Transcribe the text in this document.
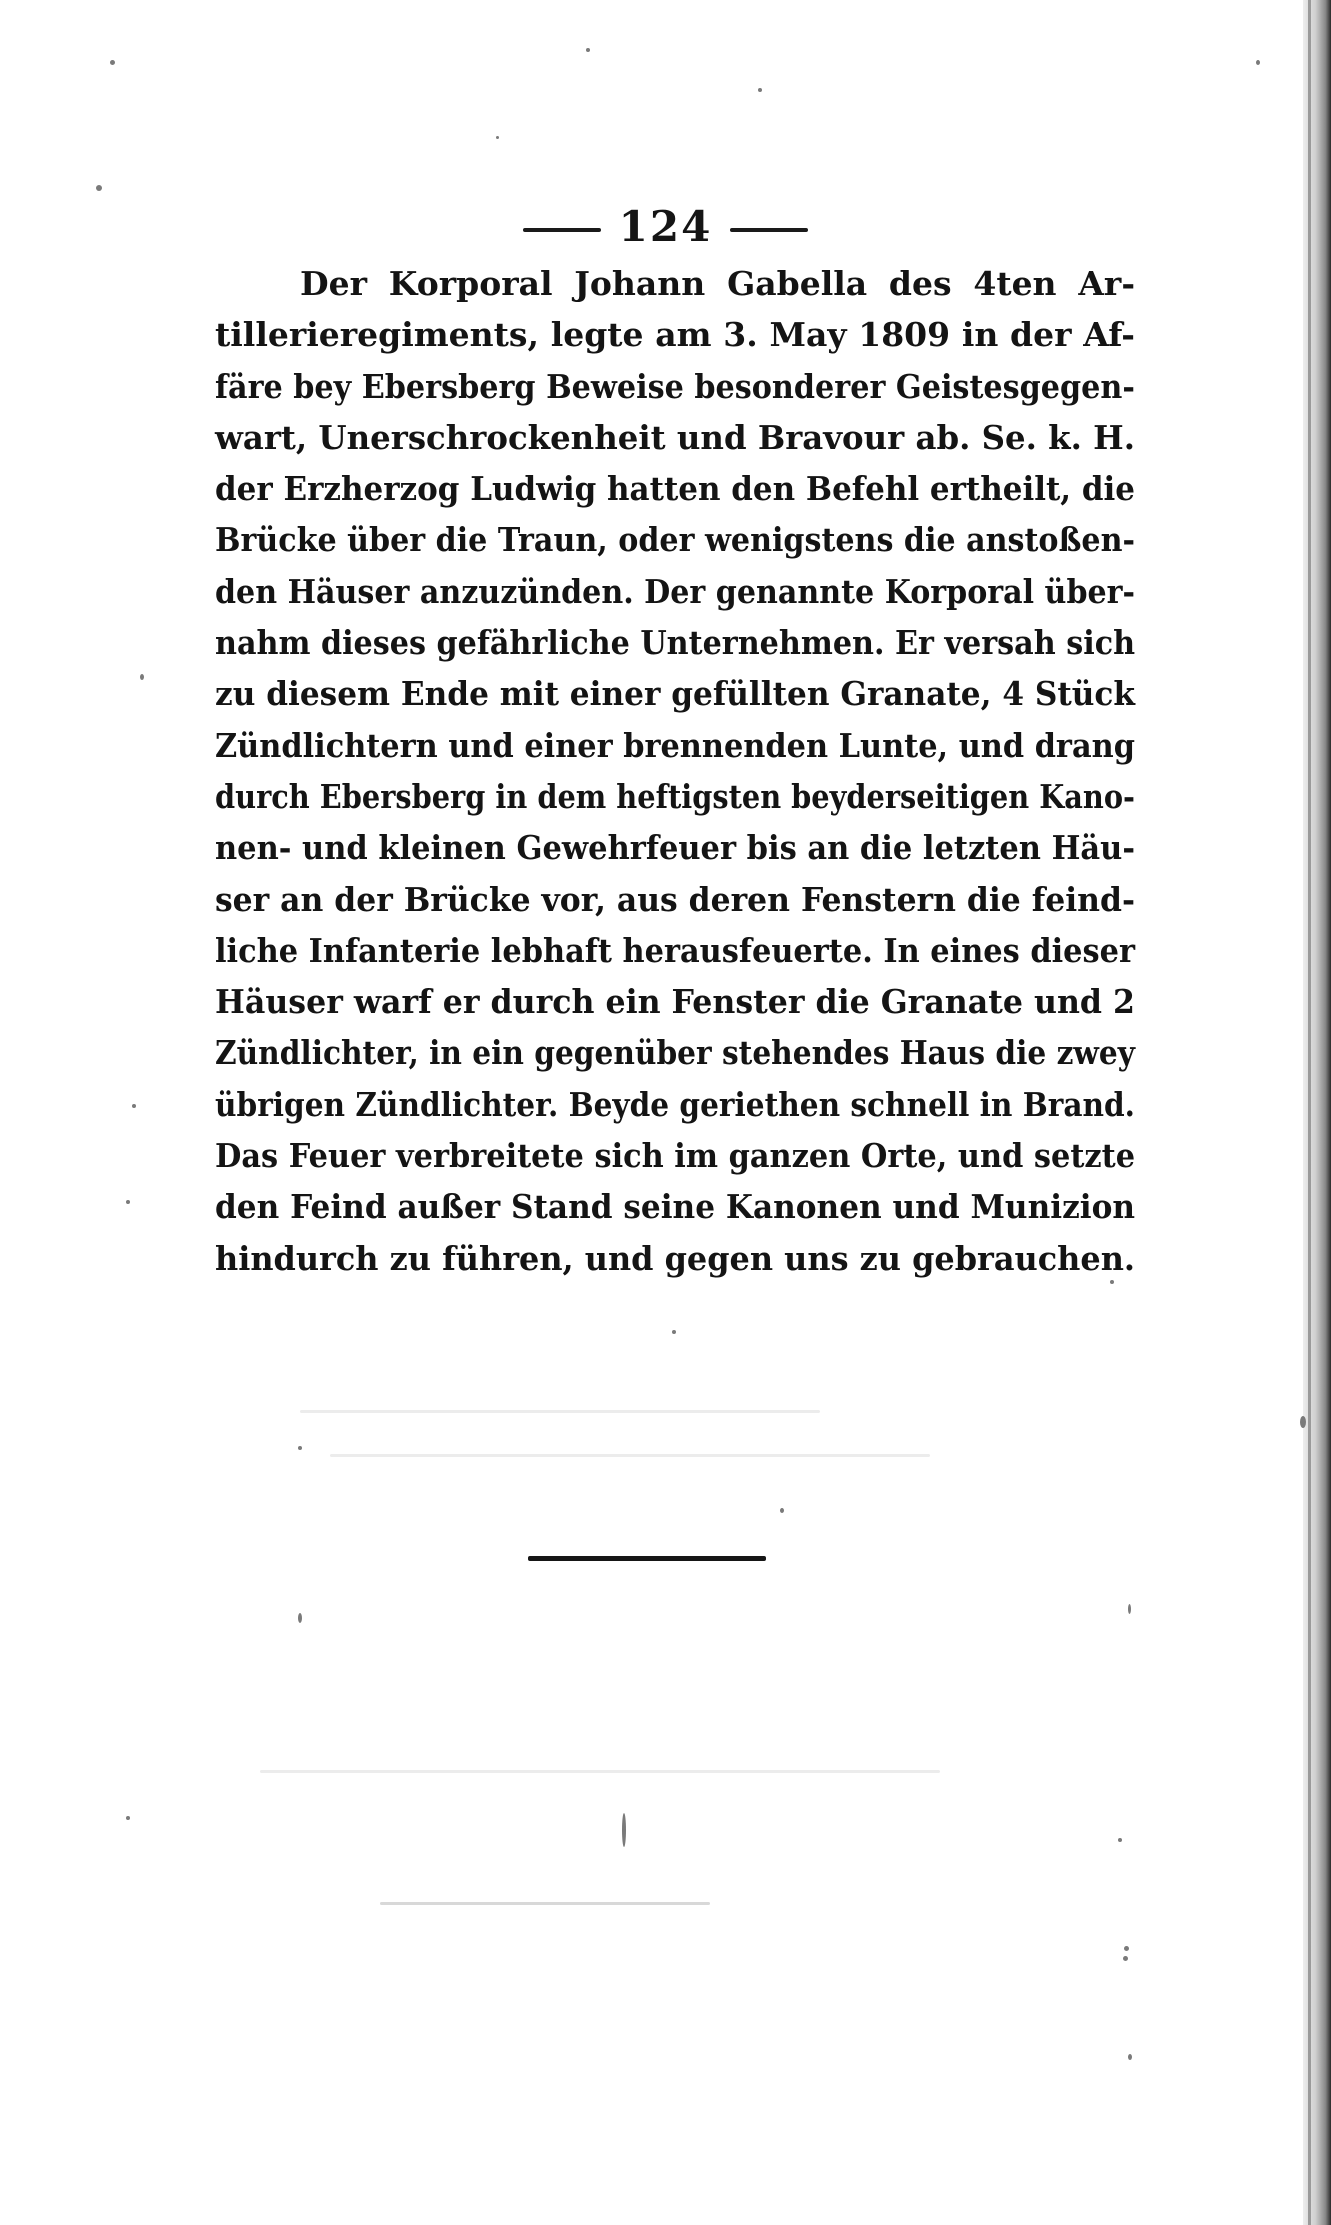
124
Der Korporal Johann Gabella des 4ten Ar-
tillerieregiments, legte am 3. May 1809 in der Af-
färe bey Ebersberg Beweise besonderer Geistesgegen-
wart, Unerschrockenheit und Bravour ab. Se. k. H.
der Erzherzog Ludwig hatten den Befehl ertheilt, die
Brücke über die Traun, oder wenigstens die anstoßen-
den Häuser anzuzünden. Der genannte Korporal über-
nahm dieses gefährliche Unternehmen. Er versah sich
zu diesem Ende mit einer gefüllten Granate, 4 Stück
Zündlichtern und einer brennenden Lunte, und drang
durch Ebersberg in dem heftigsten beyderseitigen Kano-
nen- und kleinen Gewehrfeuer bis an die letzten Häu-
ser an der Brücke vor, aus deren Fenstern die feind-
liche Infanterie lebhaft herausfeuerte. In eines dieser
Häuser warf er durch ein Fenster die Granate und 2
Zündlichter, in ein gegenüber stehendes Haus die zwey
übrigen Zündlichter. Beyde geriethen schnell in Brand.
Das Feuer verbreitete sich im ganzen Orte, und setzte
den Feind außer Stand seine Kanonen und Munizion
hindurch zu führen, und gegen uns zu gebrauchen.
